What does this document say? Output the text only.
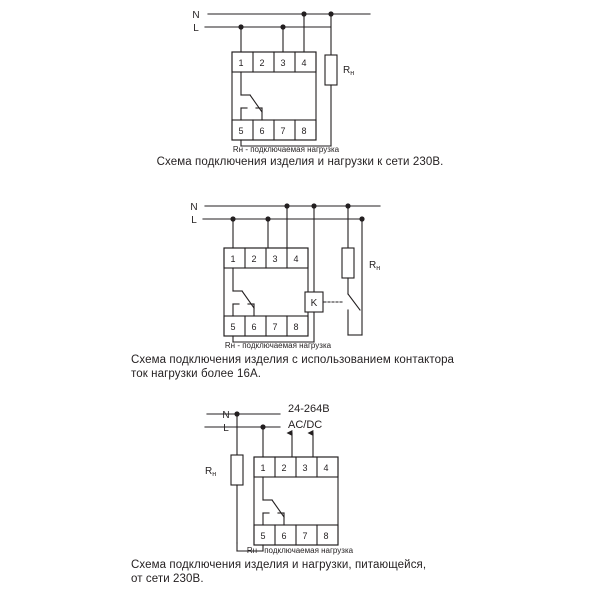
N
L
1 2 3 4
5 6 7 8
$R_н$
Rн - подключаемая нагрузка
Схема подключения изделия и нагрузки к сети 230В.
N
L
1 2 3 4
5 6 7 8
K
$R_н$
Rн - подключаемая нагрузка
Схема подключения изделия с использованием контактора
ток нагрузки более 16А.
N
L
24-264В
AC/DC
$R_н$
1 2 3 4
5 6 7 8
Rн - подключаемая нагрузка
Схема подключения изделия и нагрузки, питающейся,
от сети 230В.
